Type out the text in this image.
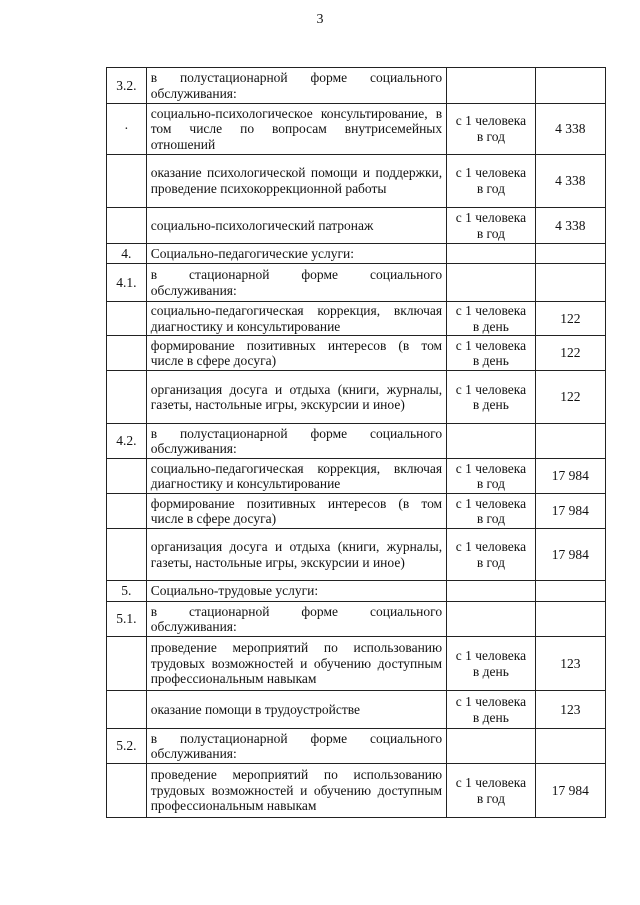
3
3.2.	в полустационарной форме социального обслуживания:		
·	социально-психологическое консультирование, в том числе по вопросам внутрисемейных отношений	с 1 человека в год	4 338
	оказание психологической помощи и поддержки, проведение психокоррекционной работы	с 1 человека в год	4 338
	социально-психологический патронаж	с 1 человека в год	4 338
4.	Социально-педагогические услуги:		
4.1.	в стационарной форме социального обслуживания:		
	социально-педагогическая коррекция, включая диагностику и консультирование	с 1 человека в день	122
	формирование позитивных интересов (в том числе в сфере досуга)	с 1 человека в день	122
	организация досуга и отдыха (книги, журналы, газеты, настольные игры, экскурсии и иное)	с 1 человека в день	122
4.2.	в полустационарной форме социального обслуживания:		
	социально-педагогическая коррекция, включая диагностику и консультирование	с 1 человека в год	17 984
	формирование позитивных интересов (в том числе в сфере досуга)	с 1 человека в год	17 984
	организация досуга и отдыха (книги, журналы, газеты, настольные игры, экскурсии и иное)	с 1 человека в год	17 984
5.	Социально-трудовые услуги:		
5.1.	в стационарной форме социального обслуживания:		
	проведение мероприятий по использованию трудовых возможностей и обучению доступным профессиональным навыкам	с 1 человека в день	123
	оказание помощи в трудоустройстве	с 1 человека в день	123
5.2.	в полустационарной форме социального обслуживания:		
	проведение мероприятий по использованию трудовых возможностей и обучению доступным профессиональным навыкам	с 1 человека в год	17 984
